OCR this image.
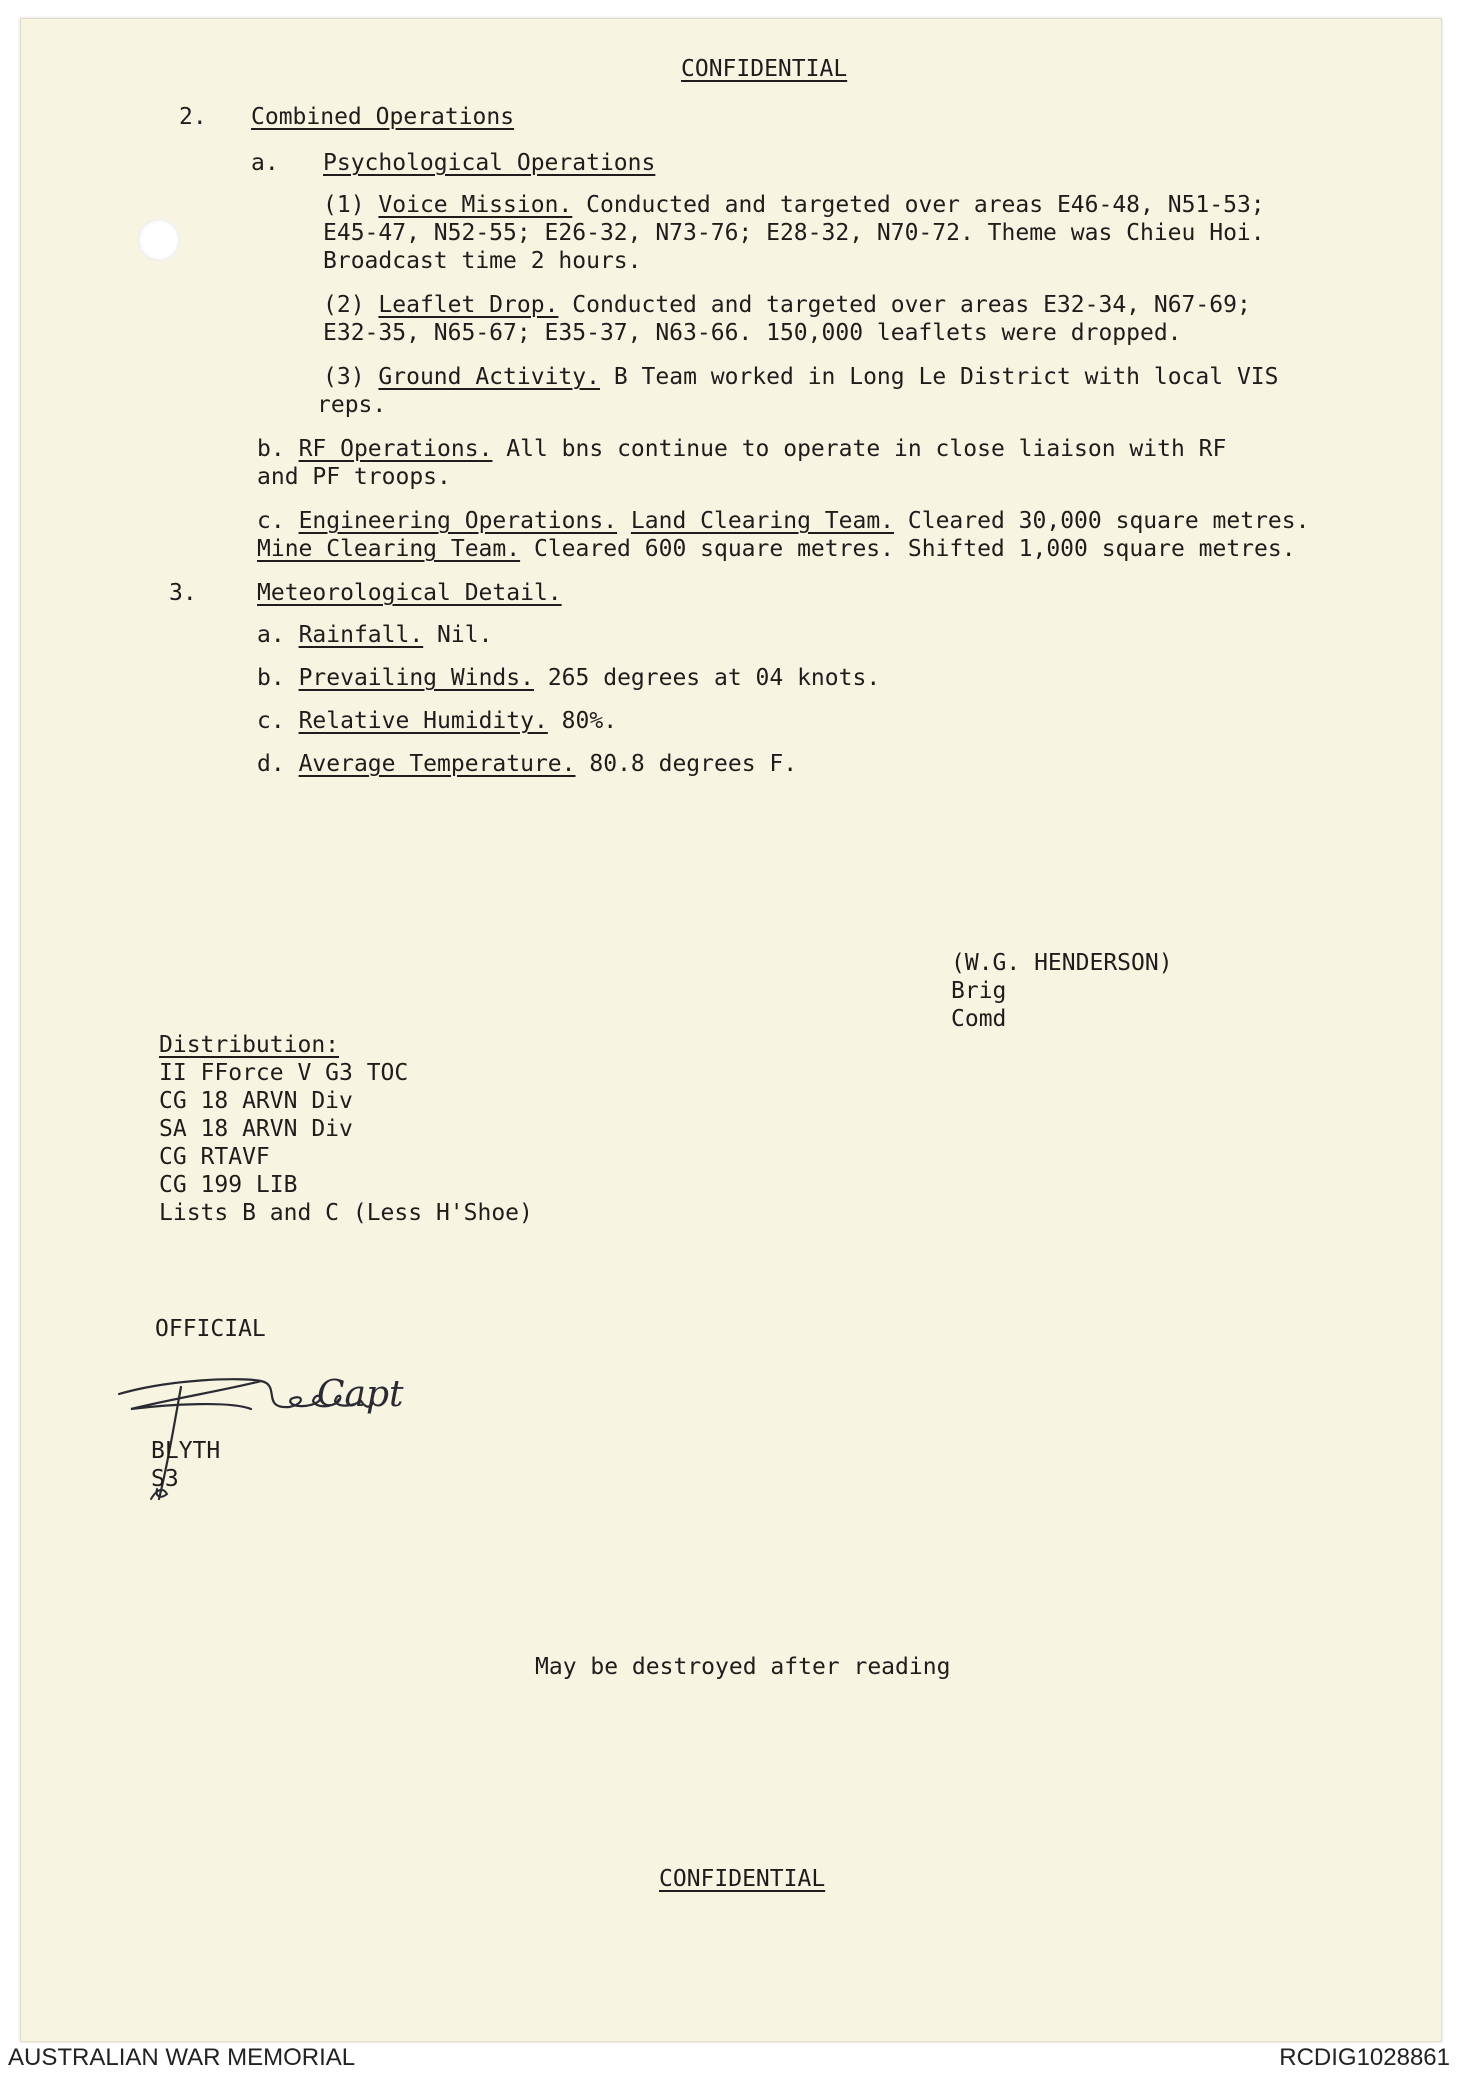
CONFIDENTIAL
2. Combined Operations
a. Psychological Operations
(1) Voice Mission. Conducted and targeted over areas E46-48, N51-53;
E45-47, N52-55; E26-32, N73-76; E28-32, N70-72. Theme was Chieu Hoi.
Broadcast time 2 hours.
(2) Leaflet Drop. Conducted and targeted over areas E32-34, N67-69;
E32-35, N65-67; E35-37, N63-66. 150,000 leaflets were dropped.
(3) Ground Activity. B Team worked in Long Le District with local VIS
reps.
b. RF Operations. All bns continue to operate in close liaison with RF
and PF troops.
c. Engineering Operations. Land Clearing Team. Cleared 30,000 square metres.
Mine Clearing Team. Cleared 600 square metres. Shifted 1,000 square metres.
3.	Meteorological Detail.
a. Rainfall. Nil.
b. Prevailing Winds. 265 degrees at 04 knots.
c. Relative Humidity. 80%.
d. Average Temperature. 80.8 degrees F.
(W.G. HENDERSON)
Brig
Comd
Distribution:
II FForce V G3 TOC
CG 18 ARVN Div
SA 18 ARVN Div
CG RTAVF
CG 199 LIB
Lists B and C (Less H'Shoe)
OFFICIAL
Capt
BLYTH
S3
May be destroyed after reading
CONFIDENTIAL
AUSTRALIAN WAR MEMORIAL	RCDIG1028861
